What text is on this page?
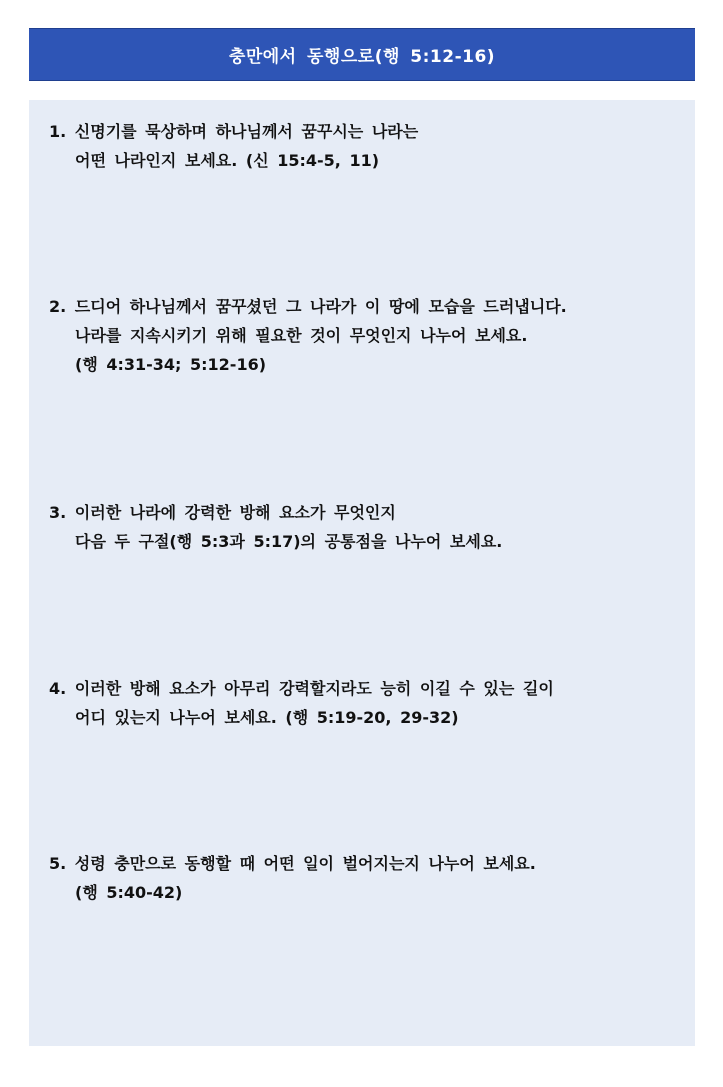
충만에서 동행으로(행 5:12-16)
1. 신명기를 묵상하며 하나님께서 꿈꾸시는 나라는
어떤 나라인지 보세요. (신 15:4-5, 11)
2. 드디어 하나님께서 꿈꾸셨던 그 나라가 이 땅에 모습을 드러냅니다.
나라를 지속시키기 위해 필요한 것이 무엇인지 나누어 보세요.
(행 4:31-34; 5:12-16)
3. 이러한 나라에 강력한 방해 요소가 무엇인지
다음 두 구절(행 5:3과 5:17)의 공통점을 나누어 보세요.
4. 이러한 방해 요소가 아무리 강력할지라도 능히 이길 수 있는 길이
어디 있는지 나누어 보세요. (행 5:19-20, 29-32)
5. 성령 충만으로 동행할 때 어떤 일이 벌어지는지 나누어 보세요.
(행 5:40-42)
